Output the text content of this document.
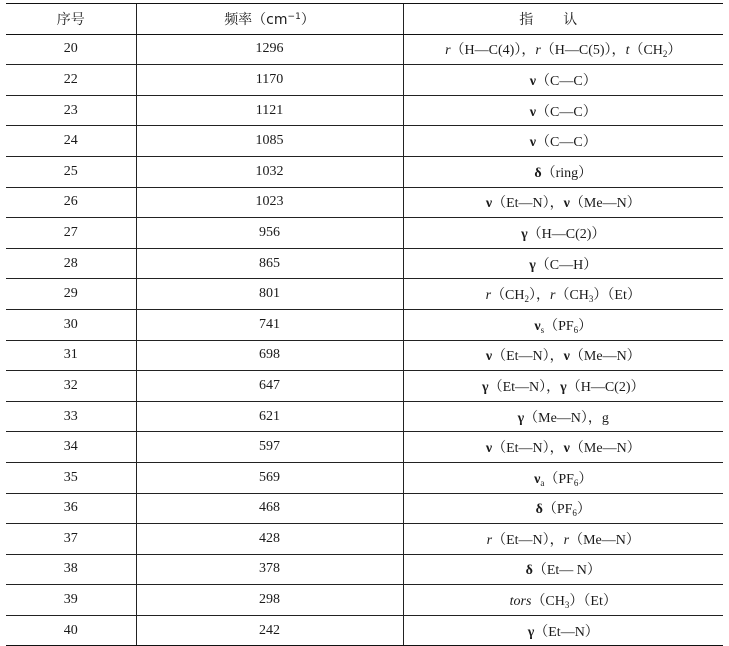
序号	频率$(cm^{-1})$	指认
20	1296	r（H—C(4)），r（H—C(5)），$t(CH_2)$
22	1170	ν（C—C）
23	1121	ν（C—C）
24	1085	ν（C—C）
25	1032	δ（ring）
26	1023	ν（Et—N），ν（Me—N）
27	956	γ（H—C(2)）
28	865	γ（C—H）
29	801	$r(CH_2)$，$r(CH_3)(Et)$
30	741	$\nu_s(PF_6)$
31	698	ν（Et—N），ν（Me—N）
32	647	γ（Et—N），γ（H—C(2)）
33	621	γ（Me—N），g
34	597	ν（Et—N），ν（Me—N）
35	569	$\nu_a(PF_6)$
36	468	$\delta(PF_6)$
37	428	r（Et—N），r（Me—N）
38	378	δ（Et— N）
39	298	$tors(CH_3)(Et)$
40	242	γ（Et—N）
